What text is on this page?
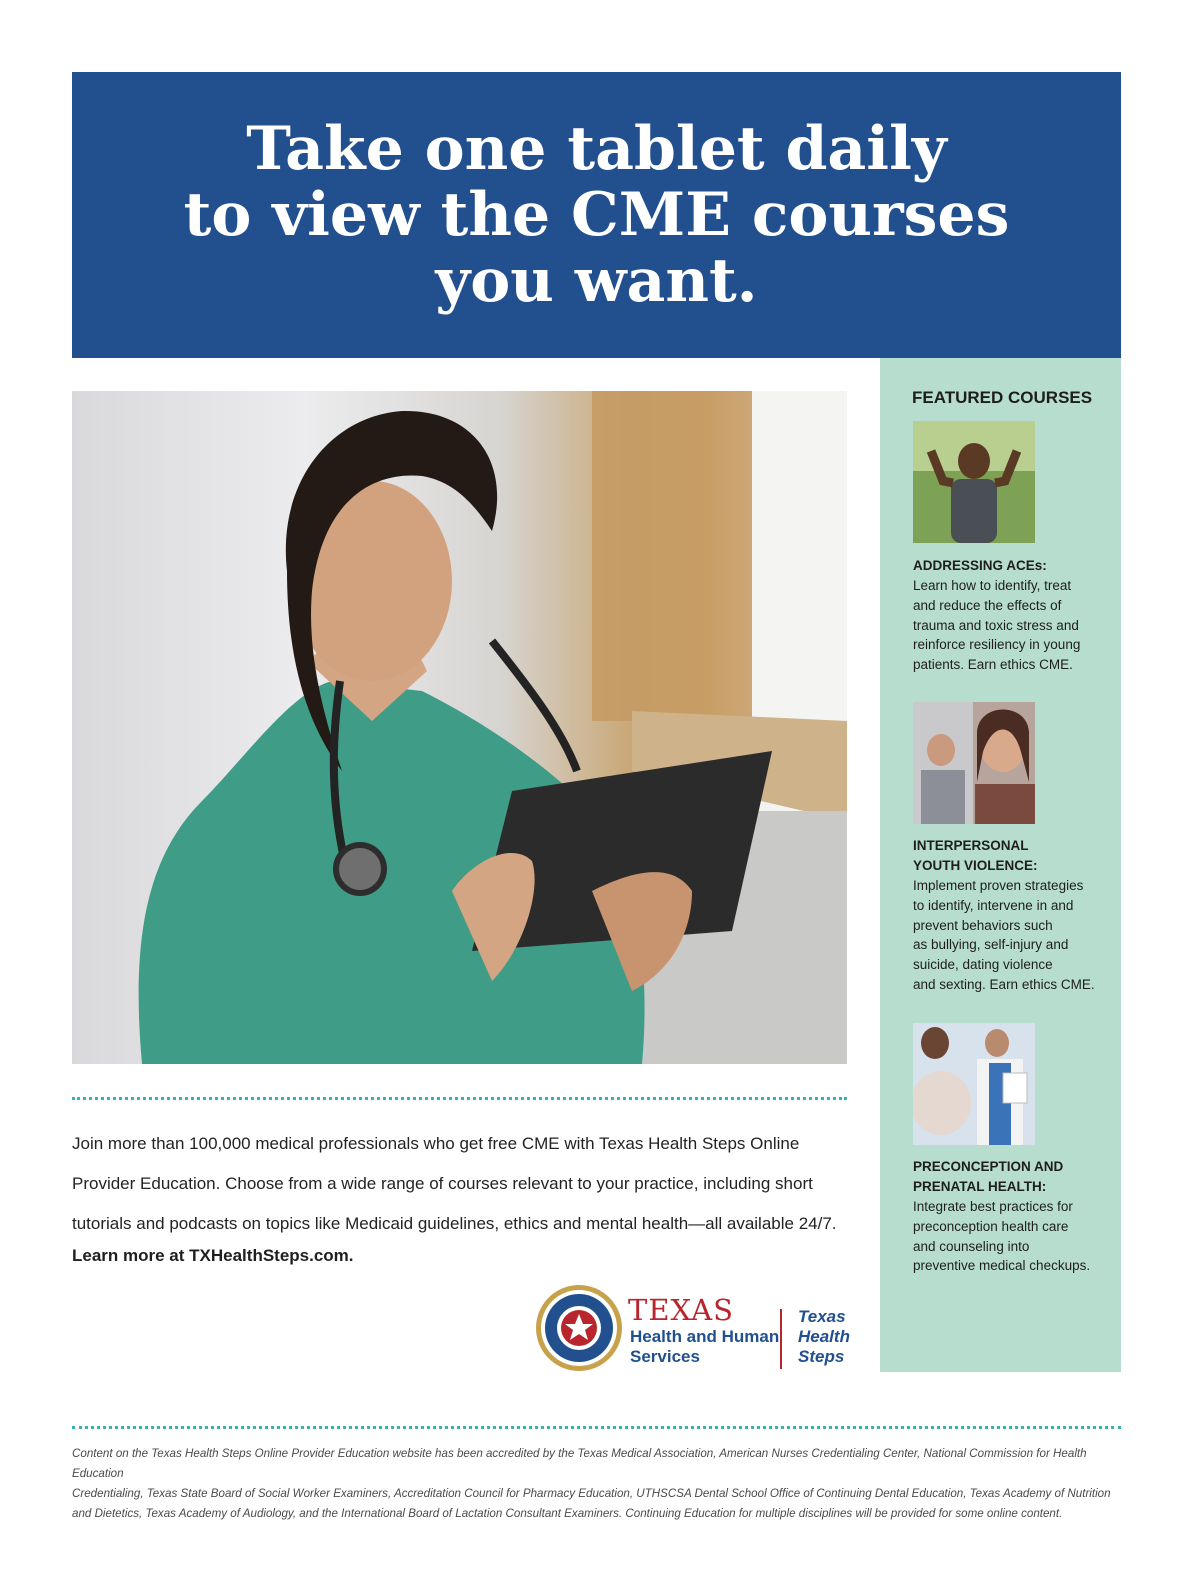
Take one tablet daily
to view the CME courses
you want.

Join more than 100,000 medical professionals who get free CME with Texas Health Steps Online Provider Education. Choose from a wide range of courses relevant to your practice, including short tutorials and podcasts on topics like Medicaid guidelines, ethics and mental health—all available 24/7.

Learn more at TXHealthSteps.com.

TEXAS
Health and Human
Services
Texas
Health
Steps
FEATURED COURSES
ADDRESSING ACEs:
Learn how to identify, treat
and reduce the effects of
trauma and toxic stress and
reinforce resiliency in young
patients. Earn ethics CME.
INTERPERSONAL
YOUTH VIOLENCE:
Implement proven strategies
to identify, intervene in and
prevent behaviors such
as bullying, self-injury and
suicide, dating violence
and sexting. Earn ethics CME.
PRECONCEPTION AND
PRENATAL HEALTH:
Integrate best practices for
preconception health care
and counseling into
preventive medical checkups.
Content on the Texas Health Steps Online Provider Education website has been accredited by the Texas Medical Association, American Nurses Credentialing Center, National Commission for Health Education
Credentialing, Texas State Board of Social Worker Examiners, Accreditation Council for Pharmacy Education, UTHSCSA Dental School Office of Continuing Dental Education, Texas Academy of Nutrition
and Dietetics, Texas Academy of Audiology, and the International Board of Lactation Consultant Examiners. Continuing Education for multiple disciplines will be provided for some online content.
